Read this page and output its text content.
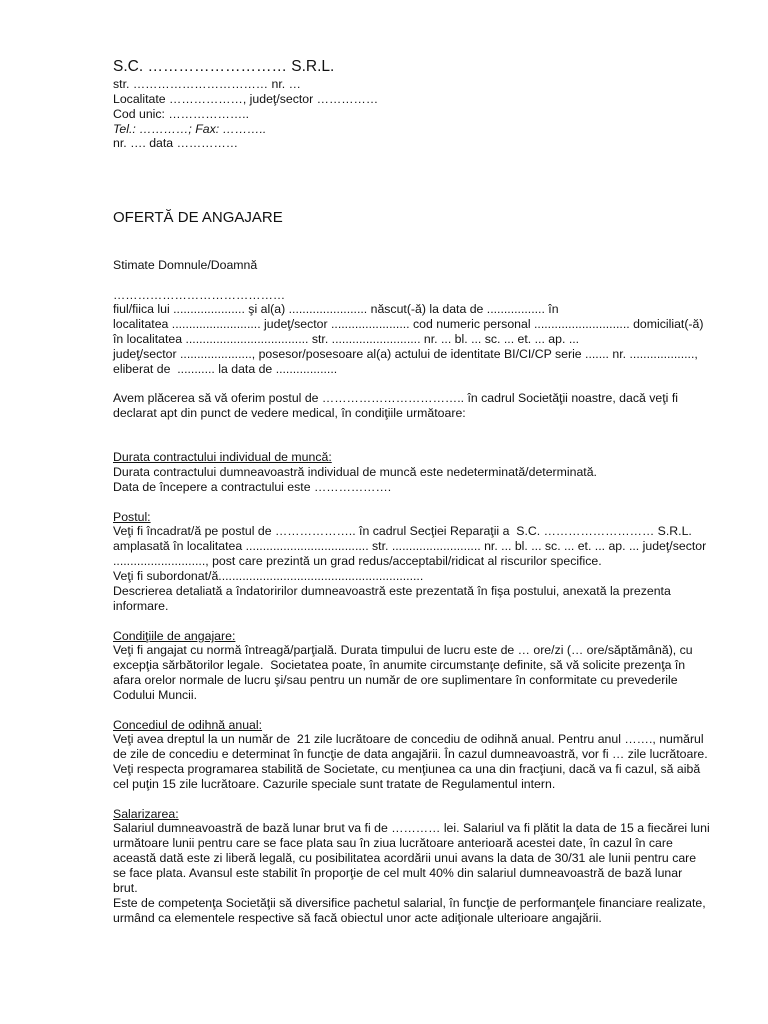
S.C. ……………………… S.R.L.
str. …………………………… nr. …
Localitate ………………, judeţ/sector ……………
Cod unic: ………………..
Tel.: …………; Fax: ………..
nr. …. data ……………
OFERTĂ DE ANGAJARE
Stimate Domnule/Doamnă
……………………………………
fiul/fiica lui ..................... şi al(a) ....................... născut(-ă) la data de ................. în
localitatea .......................... judeţ/sector ....................... cod numeric personal ............................ domiciliat(-ă)
în localitatea .................................... str. .......................... nr. ... bl. ... sc. ... et. ... ap. ...
judeţ/sector ....................., posesor/posesoare al(a) actului de identitate BI/CI/CP serie ....... nr. ...................,
eliberat de  ........... la data de ..................
Avem plăcerea să vă oferim postul de …………………………….. în cadrul Societăţii noastre, dacă veţi fi
declarat apt din punct de vedere medical, în condiţiile următoare:
Durata contractului individual de muncă:
Durata contractului dumneavoastră individual de muncă este nedeterminată/determinată.
Data de începere a contractului este ……………….
Postul:
Veţi fi încadrat/ă pe postul de ……………….. în cadrul Secţiei Reparaţii a  S.C. ……………………… S.R.L.
amplasată în localitatea .................................... str. .......................... nr. ... bl. ... sc. ... et. ... ap. ... judeţ/sector
..........................., post care prezintă un grad redus/acceptabil/ridicat al riscurilor specifice.
Veţi fi subordonat/ă............................................................
Descrierea detaliată a îndatoririlor dumneavoastră este prezentată în fişa postului, anexată la prezenta
informare.
Condiţiile de angajare:
Veţi fi angajat cu normă întreagă/parţială. Durata timpului de lucru este de … ore/zi (… ore/săptămână), cu
excepţia sărbătorilor legale.  Societatea poate, în anumite circumstanţe definite, să vă solicite prezenţa în
afara orelor normale de lucru şi/sau pentru un număr de ore suplimentare în conformitate cu prevederile
Codului Muncii.
Concediul de odihnă anual:
Veţi avea dreptul la un număr de  21 zile lucrătoare de concediu de odihnă anual. Pentru anul ……., numărul
de zile de concediu e determinat în funcţie de data angajării. În cazul dumneavoastră, vor fi … zile lucrătoare.
Veţi respecta programarea stabilită de Societate, cu menţiunea ca una din fracţiuni, dacă va fi cazul, să aibă
cel puţin 15 zile lucrătoare. Cazurile speciale sunt tratate de Regulamentul intern.
Salarizarea:
Salariul dumneavoastră de bază lunar brut va fi de ………… lei. Salariul va fi plătit la data de 15 a fiecărei luni
următoare lunii pentru care se face plata sau în ziua lucrătoare anterioară acestei date, în cazul în care
această dată este zi liberă legală, cu posibilitatea acordării unui avans la data de 30/31 ale lunii pentru care
se face plata. Avansul este stabilit în proporţie de cel mult 40% din salariul dumneavoastră de bază lunar
brut.
Este de competenţa Societăţii să diversifice pachetul salarial, în funcţie de performanţele financiare realizate,
urmând ca elementele respective să facă obiectul unor acte adiţionale ulterioare angajării.
